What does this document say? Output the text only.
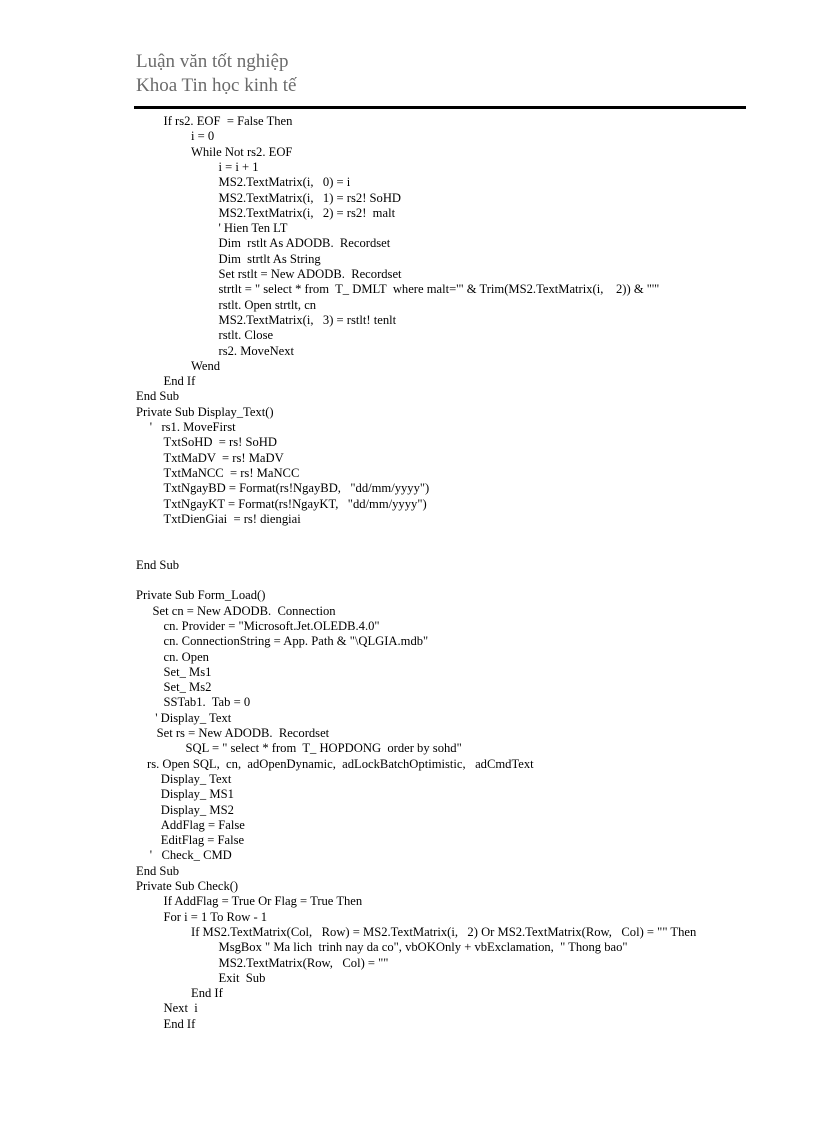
Luận văn tốt nghiệp
Khoa Tin học kinh tế
If rs2. EOF  = False Then
i = 0
While Not rs2. EOF
i = i + 1
MS2.TextMatrix(i,   0) = i
MS2.TextMatrix(i,   1) = rs2! SoHD
MS2.TextMatrix(i,   2) = rs2!  malt
' Hien Ten LT
Dim  rstlt As ADODB.  Recordset
Dim  strtlt As String
Set rstlt = New ADODB.  Recordset
strtlt = " select * from  T_ DMLT  where malt='" & Trim(MS2.TextMatrix(i,    2)) & "'"
rstlt. Open strtlt, cn
MS2.TextMatrix(i,   3) = rstlt! tenlt
rstlt. Close
rs2. MoveNext
Wend
End If
End Sub
Private Sub Display_Text()
'   rs1. MoveFirst
TxtSoHD  = rs! SoHD
TxtMaDV  = rs! MaDV
TxtMaNCC  = rs! MaNCC
TxtNgayBD = Format(rs!NgayBD,   "dd/mm/yyyy")
TxtNgayKT = Format(rs!NgayKT,   "dd/mm/yyyy")
TxtDienGiai  = rs! diengiai
End Sub
Private Sub Form_Load()
Set cn = New ADODB.  Connection
cn. Provider = "Microsoft.Jet.OLEDB.4.0"
cn. ConnectionString = App. Path & "\QLGIA.mdb"
cn. Open
Set_ Ms1
Set_ Ms2
SSTab1.  Tab = 0
' Display_ Text
Set rs = New ADODB.  Recordset
SQL = " select * from  T_ HOPDONG  order by sohd"
rs. Open SQL,  cn,  adOpenDynamic,  adLockBatchOptimistic,   adCmdText
Display_ Text
Display_ MS1
Display_ MS2
AddFlag = False
EditFlag = False
'   Check_ CMD
End Sub
Private Sub Check()
If AddFlag = True Or Flag = True Then
For i = 1 To Row - 1
If MS2.TextMatrix(Col,   Row) = MS2.TextMatrix(i,   2) Or MS2.TextMatrix(Row,   Col) = "" Then
MsgBox " Ma lich  trinh nay da co", vbOKOnly + vbExclamation,  " Thong bao"
MS2.TextMatrix(Row,   Col) = ""
Exit  Sub
End If
Next  i
End If
